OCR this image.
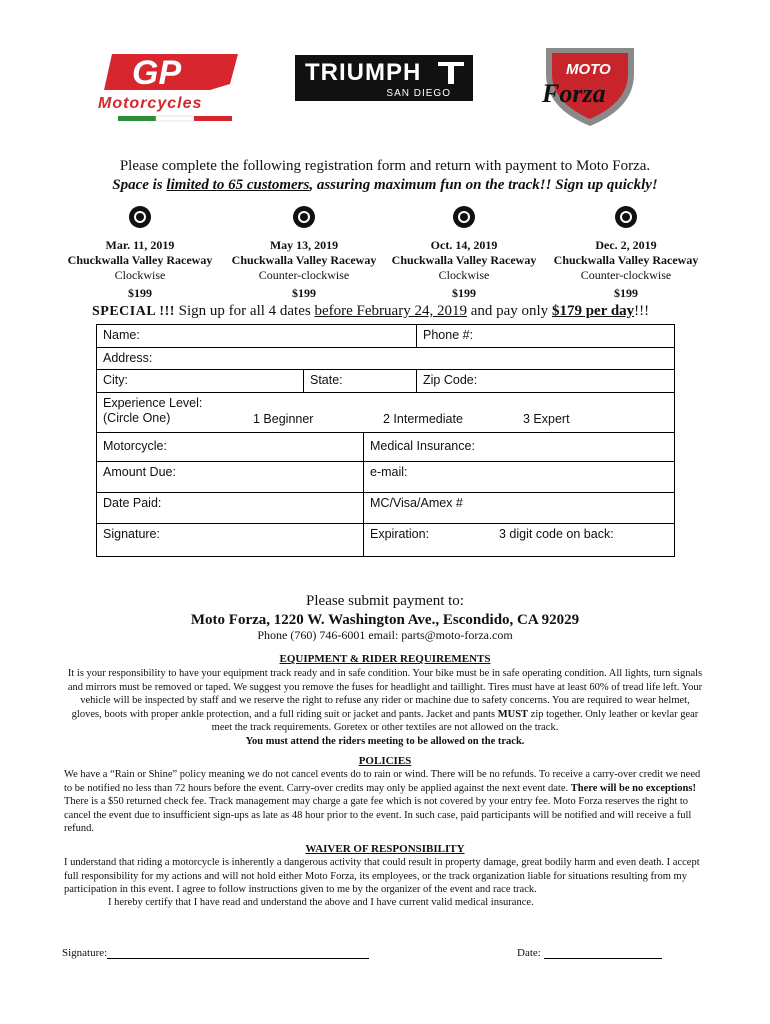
GP
Motorcycles
TRIUMPH
SAN DIEGO
MOTO
Forza
Please complete the following registration form and return with payment to Moto Forza.
Space is limited to 65 customers, assuring maximum fun on the track!! Sign up quickly!
Mar. 11, 2019
Chuckwalla Valley Raceway
Clockwise
$199
May 13, 2019
Chuckwalla Valley Raceway
Counter-clockwise
$199
Oct. 14, 2019
Chuckwalla Valley Raceway
Clockwise
$199
Dec. 2, 2019
Chuckwalla Valley Raceway
Counter-clockwise
$199
SPECIAL !!! Sign up for all 4 dates before February 24, 2019 and pay only $179 per day!!!
Name:	Phone #:
Address:
City:	State:	Zip Code:
Experience Level:
(Circle One)	1 Beginner	2 Intermediate	3 Expert
Motorcycle:	Medical Insurance:
Amount Due:	e-mail:
Date Paid:	MC/Visa/Amex #
Signature:	Expiration:	3 digit code on back:
Please submit payment to:
Moto Forza, 1220 W. Washington Ave., Escondido, CA 92029
Phone (760) 746-6001 email: parts@moto-forza.com
EQUIPMENT & RIDER REQUIREMENTS
It is your responsibility to have your equipment track ready and in safe condition. Your bike must be in safe operating condition. All lights, turn signals and mirrors must be removed or taped. We suggest you remove the fuses for headlight and taillight. Tires must have at least 60% of tread life left. Your vehicle will be inspected by staff and we reserve the right to refuse any rider or machine due to safety concerns. You are required to wear helmet, gloves, boots with proper ankle protection, and a full riding suit or jacket and pants. Jacket and pants MUST zip together. Only leather or kevlar gear meet the track requirements. Goretex or other textiles are not allowed on the track.
You must attend the riders meeting to be allowed on the track.
POLICIES
We have a “Rain or Shine” policy meaning we do not cancel events do to rain or wind. There will be no refunds. To receive a carry-over credit we need to be notified no less than 72 hours before the event. Carry-over credits may only be applied against the next event date. There will be no exceptions! There is a $50 returned check fee. Track management may charge a gate fee which is not covered by your entry fee. Moto Forza reserves the right to cancel the event due to insufficient sign-ups as late as 48 hour prior to the event. In such case, paid participants will be notified and will receive a full refund.
WAIVER OF RESPONSIBILITY
I understand that riding a motorcycle is inherently a dangerous activity that could result in property damage, great bodily harm and even death. I accept full responsibility for my actions and will not hold either Moto Forza, its employees, or the track organization liable for situations resulting from my participation in this event. I agree to follow instructions given to me by the organizer of the event and race track.
I hereby certify that I have read and understand the above and I have current valid medical insurance.
Signature:	Date:
